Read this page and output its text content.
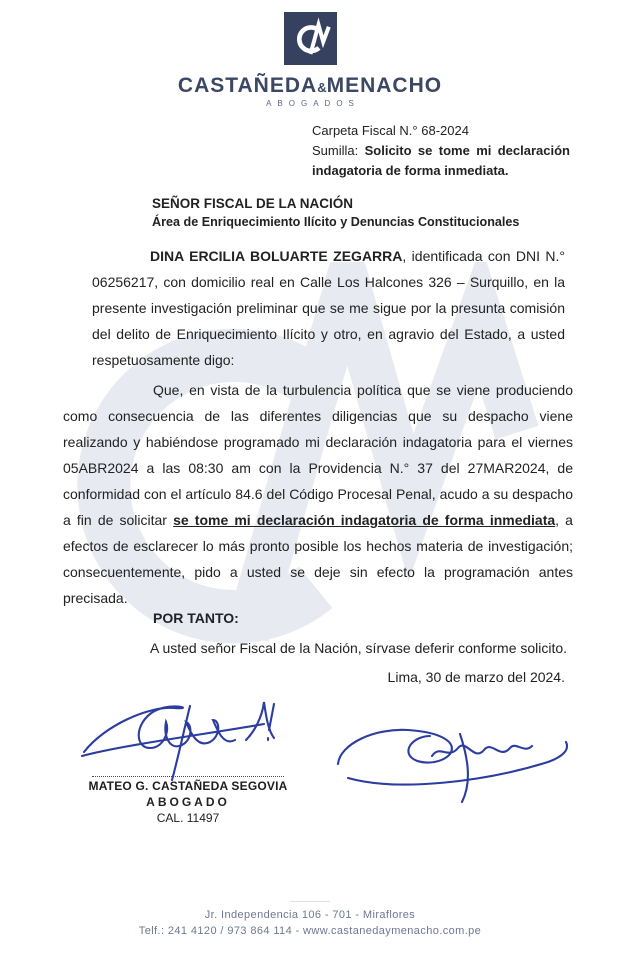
CASTAÑEDA&MENACHO
ABOGADOS
Carpeta Fiscal N.° 68-2024
Sumilla: Solicito se tome mi declaración indagatoria de forma inmediata.
SEÑOR FISCAL DE LA NACIÓN
Área de Enriquecimiento Ilícito y Denuncias Constitucionales
DINA ERCILIA BOLUARTE ZEGARRA, identificada con DNI N.° 06256217, con domicilio real en Calle Los Halcones 326 – Surquillo, en la presente investigación preliminar que se me sigue por la presunta comisión del delito de Enriquecimiento Ilícito y otro, en agravio del Estado, a usted respetuosamente digo:
Que, en vista de la turbulencia política que se viene produciendo como consecuencia de las diferentes diligencias que su despacho viene realizando y habiéndose programado mi declaración indagatoria para el viernes 05ABR2024 a las 08:30 am con la Providencia N.° 37 del 27MAR2024, de conformidad con el artículo 84.6 del Código Procesal Penal, acudo a su despacho a fin de solicitar se tome mi declaración indagatoria de forma inmediata, a efectos de esclarecer lo más pronto posible los hechos materia de investigación; consecuentemente, pido a usted se deje sin efecto la programación antes precisada.
POR TANTO:
A usted señor Fiscal de la Nación, sírvase deferir conforme solicito.
Lima, 30 de marzo del 2024.
MATEO G. CASTAÑEDA SEGOVIA
ABOGADO
CAL. 11497
Jr. Independencia 106 - 701 - Miraflores
Telf.: 241 4120 / 973 864 114 - www.castanedaymenacho.com.pe
